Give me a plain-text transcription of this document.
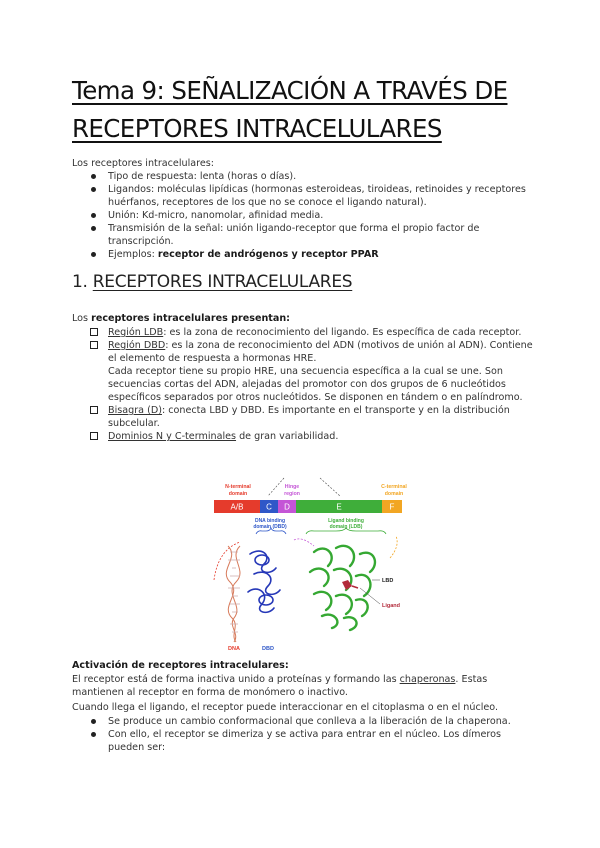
Tema 9: SEÑALIZACIÓN A TRAVÉS DE
RECEPTORES INTRACELULARES
Los receptores intracelulares:
Tipo de respuesta: lenta (horas o días).
Ligandos: moléculas lipídicas (hormonas esteroideas, tiroideas, retinoides y receptores huérfanos, receptores de los que no se conoce el ligando natural).
Unión: Kd-micro, nanomolar, afinidad media.
Transmisión de la señal: unión ligando-receptor que forma el propio factor de transcripción.
Ejemplos: receptor de andrógenos y receptor PPAR
1. RECEPTORES INTRACELULARES
Los receptores intracelulares presentan:
Región LDB: es la zona de reconocimiento del ligando. Es específica de cada receptor.
Región DBD: es la zona de reconocimiento del ADN (motivos de unión al ADN). Contiene el elemento de respuesta a hormonas HRE.
Cada receptor tiene su propio HRE, una secuencia específica a la cual se une. Son secuencias cortas del ADN, alejadas del promotor con dos grupos de 6 nucleótidos específicos separados por otros nucleótidos. Se disponen en tándem o en palíndromo.
Bisagra (D): conecta LBD y DBD. Es importante en el transporte y en la distribución subcelular.
Dominios N y C-terminales de gran variabilidad.
N-terminal
domain
Hinge
region
C-terminal
domain
A/B	C D	E	F
DNA binding
domain (DBD)
Ligand binding
domain (LDB)
LBD
Ligand
DNA	DBD
Activación de receptores intracelulares:
El receptor está de forma inactiva unido a proteínas y formando las chaperonas. Estas mantienen al receptor en forma de monómero o inactivo.
Cuando llega el ligando, el receptor puede interaccionar en el citoplasma o en el núcleo.
Se produce un cambio conformacional que conlleva a la liberación de la chaperona.
Con ello, el receptor se dimeriza y se activa para entrar en el núcleo. Los dímeros pueden ser:
